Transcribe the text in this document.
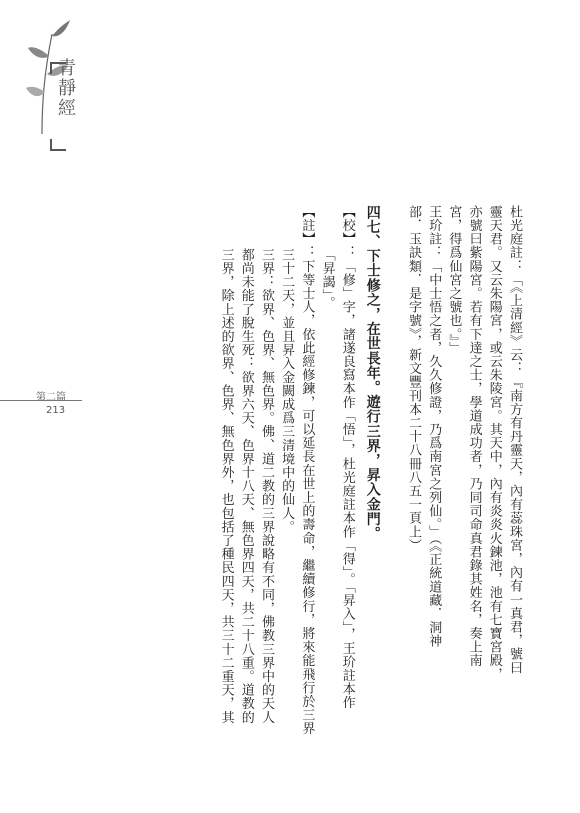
青靜經
第二篇
213	杜光庭註：「《上清經》云：『南方有丹靈天，內有蕊珠宮，內有一真君，號曰
靈天君。又云朱陽宮，或云朱陵宮。其天中，內有炎炎火鍊池，池有七寶宮殿，
亦號曰紫陽宮。若有下達之士，學道成功者，乃同司命真君錄其姓名，奏上南
宮，得爲仙宮之號也。』」
王玠註：「中士悟之者，久久修證，乃爲南宮之列仙。」（《正統道藏．洞神
部．玉訣類．是字號》，新文豐刊本二十八冊八五一頁上）
四七、下士修之，在世長年。遊行三界，昇入金門。
【校】：「修」字，諸遂良寫本作「悟」，杜光庭註本作「得」。「昇入」，王玠註本作
「昇謁」。
【註】：下等士人，依此經修鍊，可以延長在世上的壽命，繼續修行，將來能飛行於三界
三十二天，並且昇入金闕成爲三清境中的仙人。
三界：欲界、色界、無色界。佛、道二教的三界說略有不同，佛教三界中的天人
都尚未能了脫生死：欲界六天、色界十八天、無色界四天，共二十八重。道教的
三界，除上述的欲界、色界、無色界外，也包括了種民四天，共三十二重天，其
